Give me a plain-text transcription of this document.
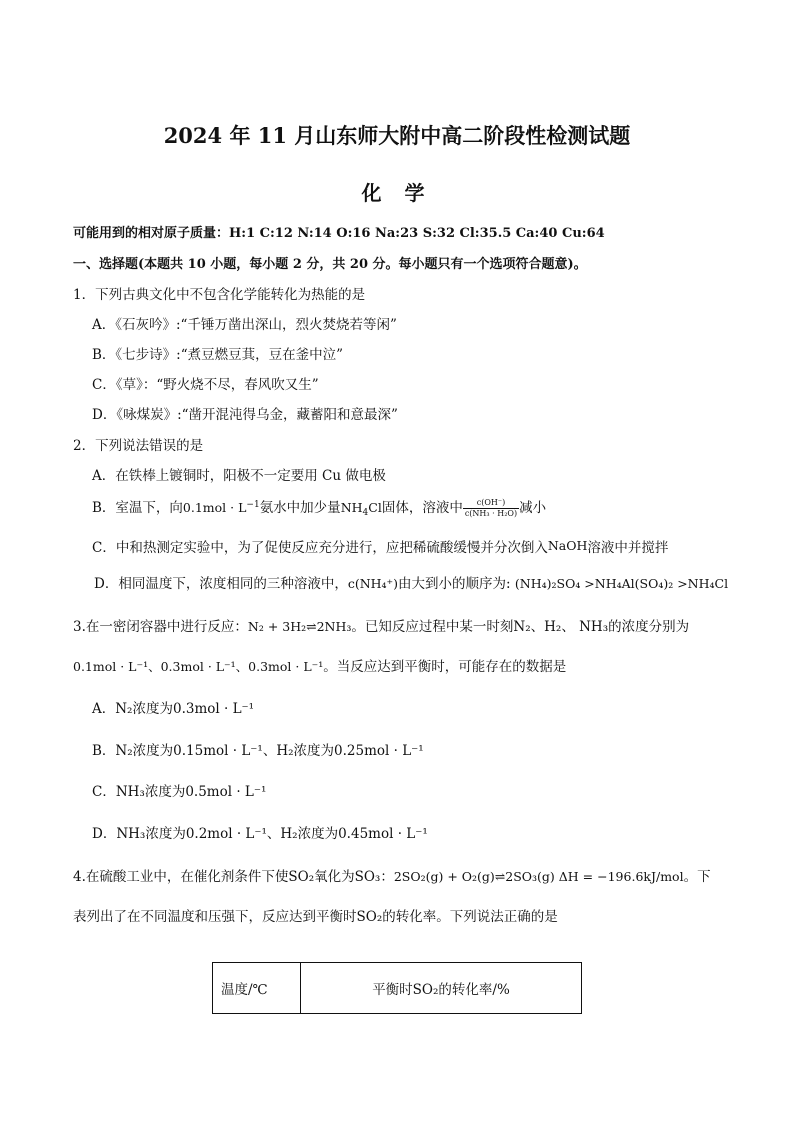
2024 年 11 月山东师大附中高二阶段性检测试题
化 学
可能用到的相对原子质量：H:1 C:12 N:14 O:16 Na:23 S:32 Cl:35.5 Ca:40 Cu:64
一、选择题(本题共 10 小题，每小题 2 分，共 20 分。每小题只有一个选项符合题意)。
1．下列古典文化中不包含化学能转化为热能的是
A．《石灰吟》:“千锤万凿出深山，烈火焚烧若等闲”
B．《七步诗》:“煮豆燃豆萁，豆在釜中泣”
C．《草》：“野火烧不尽，春风吹又生”
D．《咏煤炭》:“凿开混沌得乌金，藏蓄阳和意最深”
2．下列说法错误的是
A．在铁棒上镀铜时，阳极不一定要用 Cu 做电极
B．室温下，向$0.1mol \cdot L^{-1}$氨水中加少量$NH_4Cl$固体，溶液中 $\frac{c(OH^-)}{\text{c(NH₃ · H₂O)}}$ 减小
C．中和热测定实验中，为了促使反应充分进行，应把稀硫酸缓慢并分次倒入NaOH溶液中并搅拌
D．相同温度下，浓度相同的三种溶液中，c(NH₄⁺)由大到小的顺序为: (NH₄)₂SO₄ >NH₄Al(SO₄)₂ >NH₄Cl
3.在一密闭容器中进行反应：N₂ + 3H₂⇌2NH₃。已知反应过程中某一时刻N₂、H₂、 NH₃的浓度分别为
0.1mol · L⁻¹、0.3mol · L⁻¹、0.3mol · L⁻¹。当反应达到平衡时，可能存在的数据是
A．N₂浓度为0.3mol · L⁻¹
B．N₂浓度为0.15mol · L⁻¹、H₂浓度为0.25mol · L⁻¹
C．NH₃浓度为0.5mol · L⁻¹
D．NH₃浓度为0.2mol · L⁻¹、H₂浓度为0.45mol · L⁻¹
4.在硫酸工业中，在催化剂条件下使SO₂氧化为SO₃：2SO₂(g) + O₂(g)⇌2SO₃(g) ΔH = −196.6kJ/mol。下
表列出了在不同温度和压强下，反应达到平衡时SO₂的转化率。下列说法正确的是
温度/℃	平衡时SO₂的转化率/%
